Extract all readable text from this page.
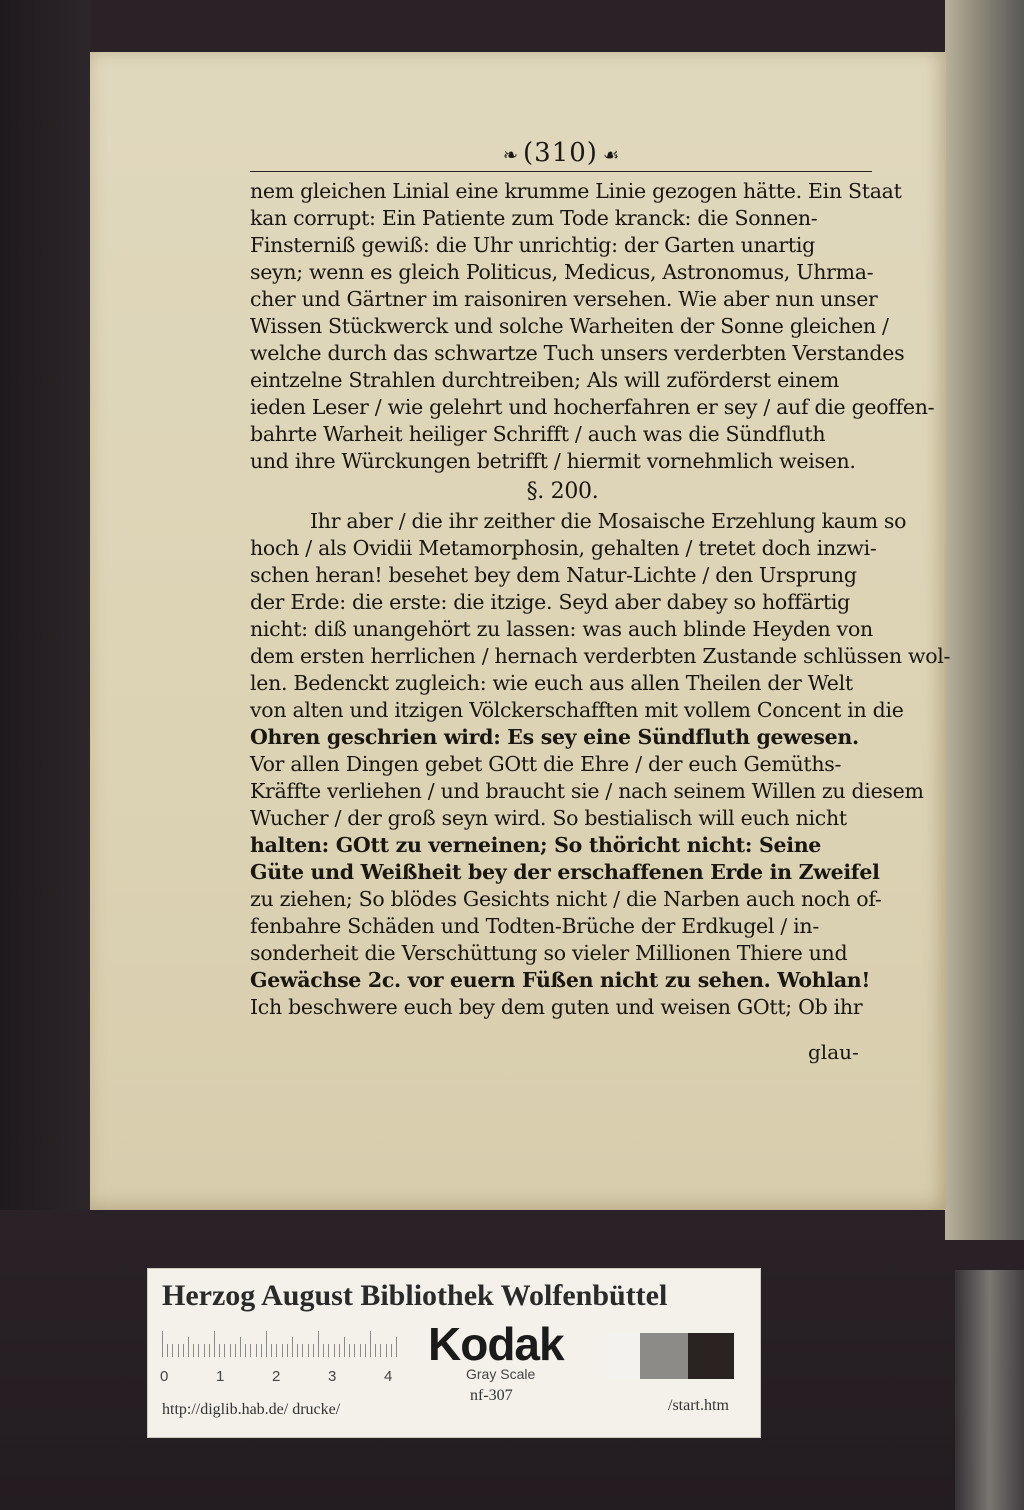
❧ (310) ☙
nem gleichen Linial eine krumme Linie gezogen hätte. Ein Staat
kan corrupt: Ein Patiente zum Tode kranck: die Sonnen-
Finsterniß gewiß: die Uhr unrichtig: der Garten unartig
seyn; wenn es gleich Politicus, Medicus, Astronomus, Uhrma-
cher und Gärtner im raisoniren versehen. Wie aber nun unser
Wissen Stückwerck und solche Warheiten der Sonne gleichen /
welche durch das schwartze Tuch unsers verderbten Verstandes
eintzelne Strahlen durchtreiben; Als will zuförderst einem
ieden Leser / wie gelehrt und hocherfahren er sey / auf die geoffen-
bahrte Warheit heiliger Schrifft / auch was die Sündfluth
und ihre Würckungen betrifft / hiermit vornehmlich weisen.
§. 200.
Ihr aber / die ihr zeither die Mosaische Erzehlung kaum so
hoch / als Ovidii Metamorphosin, gehalten / tretet doch inzwi-
schen heran! besehet bey dem Natur-Lichte / den Ursprung
der Erde: die erste: die itzige. Seyd aber dabey so hoffärtig
nicht: diß unangehört zu lassen: was auch blinde Heyden von
dem ersten herrlichen / hernach verderbten Zustande schlüssen wol-
len. Bedenckt zugleich: wie euch aus allen Theilen der Welt
von alten und itzigen Völckerschafften mit vollem Concent in die
Ohren geschrien wird: Es sey eine Sündfluth gewesen.
Vor allen Dingen gebet GOtt die Ehre / der euch Gemüths-
Kräffte verliehen / und braucht sie / nach seinem Willen zu diesem
Wucher / der groß seyn wird. So bestialisch will euch nicht
halten: GOtt zu verneinen; So thöricht nicht: Seine
Güte und Weißheit bey der erschaffenen Erde in Zweifel
zu ziehen; So blödes Gesichts nicht / die Narben auch noch of-
fenbahre Schäden und Todten-Brüche der Erdkugel / in-
sonderheit die Verschüttung so vieler Millionen Thiere und
Gewächse 2c. vor euern Füßen nicht zu sehen. Wohlan!
Ich beschwere euch bey dem guten und weisen GOtt; Ob ihr
glau-
Herzog August Bibliothek Wolfenbüttel
0	1	2	3	4
Kodak
Gray Scale
http://diglib.hab.de/ drucke/
nf-307
/start.htm
